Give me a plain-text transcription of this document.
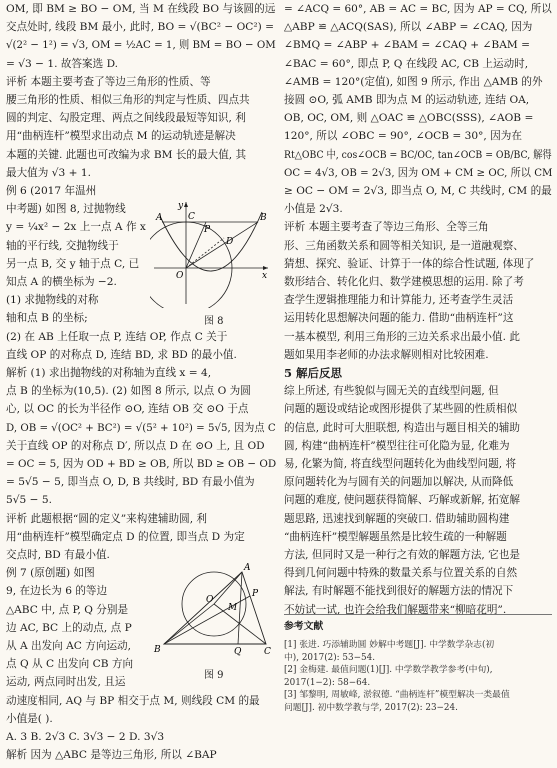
OM, 即 BM ≥ BO − OM, 当 M 在线段 BO 与该圆的远
交点处时, 线段 BM 最小, 此时, BO = √(BC² − OC²) =
√(2² − 1²) = √3, OM = ½AC = 1, 则 BM = BO − OM
= √3 − 1. 故答案选 D.
评析 本题主要考查了等边三角形的性质、等
腰三角形的性质、相似三角形的判定与性质、四点共
圆的判定、勾股定理、两点之间线段最短等知识, 利
用“曲柄连杆”模型求出动点 M 的运动轨迹是解决
本题的关键. 此题也可改编为求 BM 长的最大值, 其
最大值为 √3 + 1.
例 6 (2017 年温州
中考题) 如图 8, 过抛物线
y = ¼x² − 2x 上一点 A 作 x
轴的平行线, 交抛物线于
另一点 B, 交 y 轴于点 C, 已
知点 A 的横坐标为 −2.
(1) 求抛物线的对称
轴和点 B 的坐标;
(2) 在 AB 上任取一点 P, 连结 OP, 作点 C 关于
直线 OP 的对称点 D, 连结 BD, 求 BD 的最小值.
解析 (1) 求出抛物线的对称轴为直线 x = 4,
点 B 的坐标为(10,5). (2) 如图 8 所示, 以点 O 为圆
心, 以 OC 的长为半径作 ⊙O, 连结 OB 交 ⊙O 于点
D, OB = √(OC² + BC²) = √(5² + 10²) = 5√5, 因为点 C
关于直线 OP 的对称点 D′, 所以点 D 在 ⊙O 上, 且 OD
= OC = 5, 因为 OD + BD ≥ OB, 所以 BD ≥ OB − OD
= 5√5 − 5, 即当点 O, D, B 共线时, BD 有最小值为
5√5 − 5.
评析 此题根据“圆的定义”来构建辅助圆, 利
用“曲柄连杆”模型确定点 D 的位置, 即当点 D 为定
交点时, BD 有最小值.
例 7 (原创题) 如图
9, 在边长为 6 的等边
△ABC 中, 点 P, Q 分别是
边 AC, BC 上的动点, 点 P
从 A 出发向 AC 方向运动,
点 Q 从 C 出发向 CB 方向
运动, 两点同时出发, 且运
动速度相同, AQ 与 BP 相交于点 M, 则线段 CM 的最
小值是( ).
A. 3 B. 2√3 C. 3√3 − 2 D. 3√3
解析 因为 △ABC 是等边三角形, 所以 ∠BAP
= ∠ACQ = 60°, AB = AC = BC, 因为 AP = CQ, 所以
△ABP ≌ △ACQ(SAS), 所以 ∠ABP = ∠CAQ, 因为
∠BMQ = ∠ABP + ∠BAM = ∠CAQ + ∠BAM =
∠BAC = 60°, 即点 P, Q 在线段 AC, CB 上运动时,
∠AMB = 120°(定值), 如图 9 所示, 作出 △AMB 的外
接圆 ⊙O, 弧 AMB 即为点 M 的运动轨迹, 连结 OA,
OB, OC, OM, 则 △OAC ≌ △OBC(SSS), ∠AOB =
120°, 所以 ∠OBC = 90°, ∠OCB = 30°, 因为在
Rt△OBC 中, cos∠OCB = BC/OC, tan∠OCB = OB/BC, 解得
OC = 4√3, OB = 2√3, 因为 OM + CM ≥ OC, 所以 CM
≥ OC − OM = 2√3, 即当点 O, M, C 共线时, CM 的最
小值是 2√3.
评析 本题主要考查了等边三角形、全等三角
形、三角函数关系和圆等相关知识, 是一道融观察、
猜想、探究、验证、计算于一体的综合性试题, 体现了
数形结合、转化化归、数学建模思想的运用. 除了考
查学生逻辑推理能力和计算能力, 还考查学生灵活
运用转化思想解决问题的能力. 借助“曲柄连杆”这
一基本模型, 利用三角形的三边关系求出最小值. 此
题如果用李老师的办法求解则相对比较困难.
5 解后反思
综上所述, 有些貌似与圆无关的直线型问题, 但
问题的题设或结论或图形提供了某些圆的性质相似
的信息, 此时可大胆联想, 构造出与题目相关的辅助
圆, 构建“曲柄连杆”模型往往可化隐为显, 化难为
易, 化繁为简, 将直线型问题转化为曲线型问题, 将
原问题转化为与圆有关的问题加以解决, 从而降低
问题的难度, 使问题获得简解、巧解或新解, 拓宽解
题思路, 迅速找到解题的突破口. 借助辅助圆构建
“曲柄连杆”模型解题虽然是比较生疏的一种解题
方法, 但同时又是一种行之有效的解题方法, 它也是
得到几何问题中特殊的数量关系与位置关系的自然
解法, 有时解题不能找到很好的解题方法的情况下
不妨试一试, 也许会给我们解题带来“柳暗花明”.
参考文献
[1] 张进. 巧添辅助圆 妙解中考题[J]. 中学数学杂志(初
中), 2017(2): 53−54.
[2] 金梅建. 最值问题(1)[J]. 中学数学教学参考(中旬),
2017(1−2): 58−64.
[3] 邹黎明, 周敏峰, 淤叙德. “曲柄连杆”模型解决一类最值
问题[J]. 初中数学教与学, 2017(2): 23−24.
y
x
A	C	B
D
P
O
图 8
A
P
M
O
B	Q	C
图 9
